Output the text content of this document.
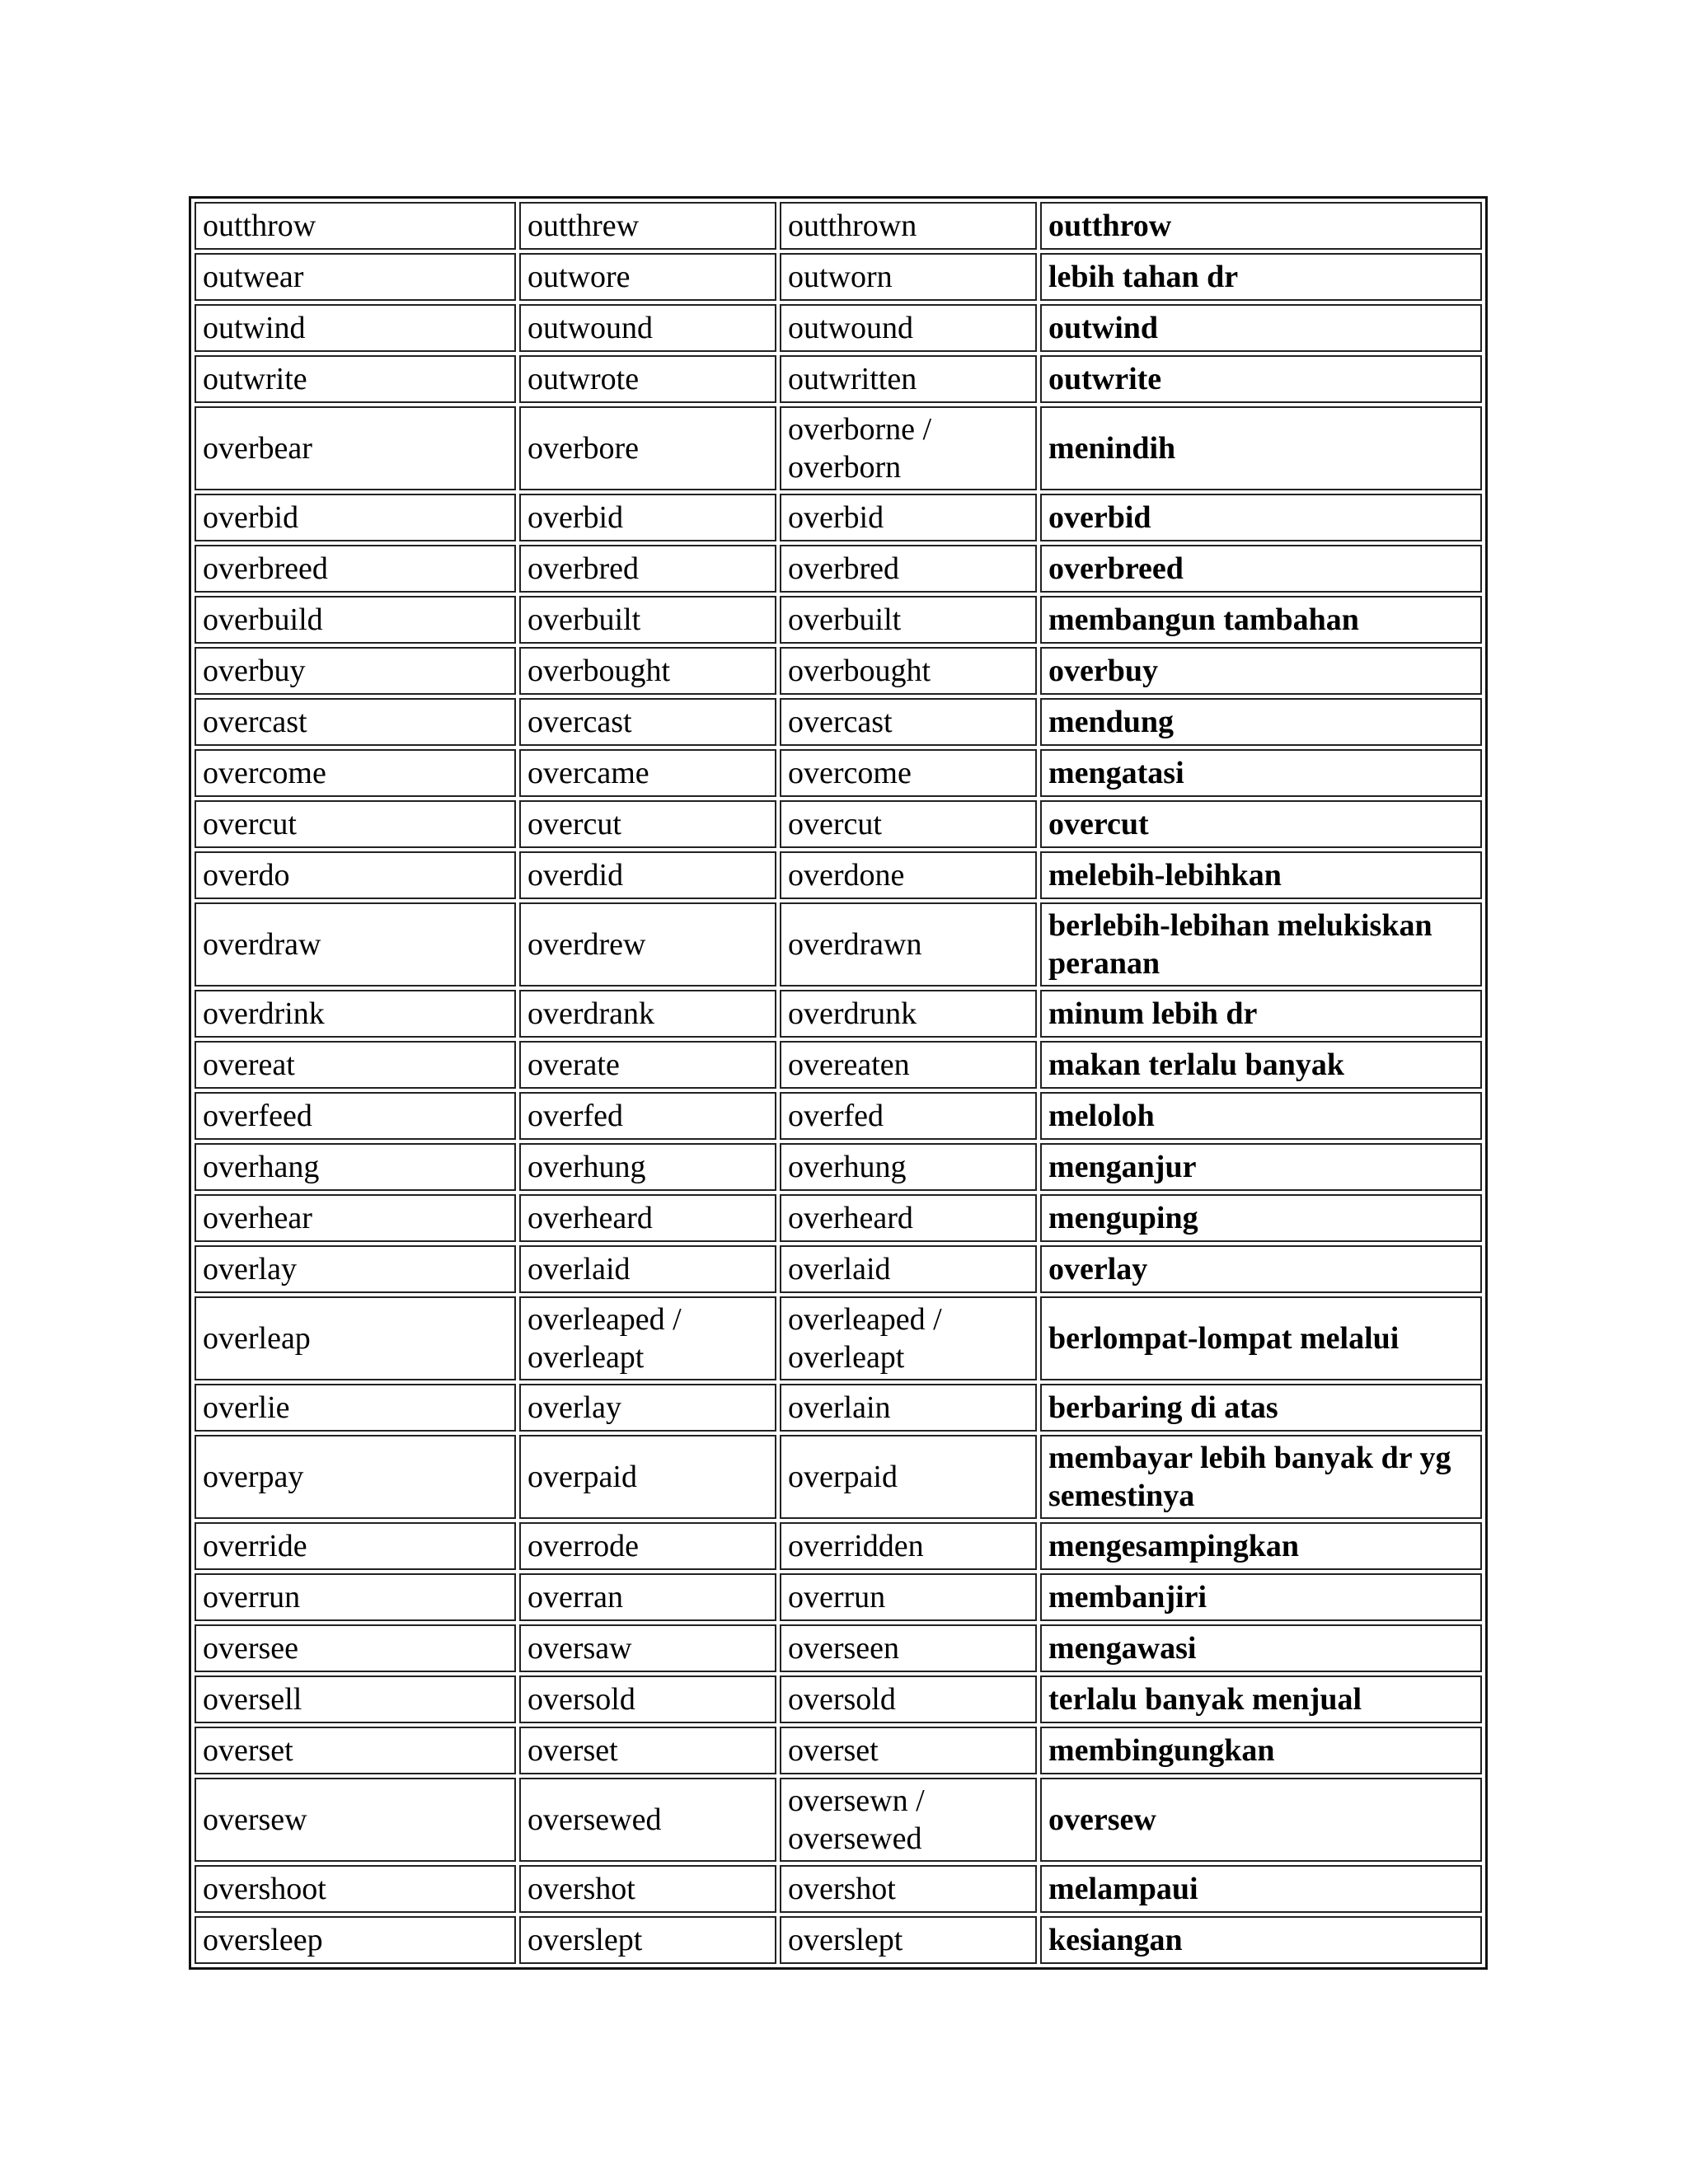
outthrow	outthrew	outthrown	outthrow
outwear	outwore	outworn	lebih tahan dr
outwind	outwound	outwound	outwind
outwrite	outwrote	outwritten	outwrite
overbear	overbore	overborne / overborn	menindih
overbid	overbid	overbid	overbid
overbreed	overbred	overbred	overbreed
overbuild	overbuilt	overbuilt	membangun tambahan
overbuy	overbought	overbought	overbuy
overcast	overcast	overcast	mendung
overcome	overcame	overcome	mengatasi
overcut	overcut	overcut	overcut
overdo	overdid	overdone	melebih-lebihkan
overdraw	overdrew	overdrawn	berlebih-lebihan melukiskan peranan
overdrink	overdrank	overdrunk	minum lebih dr
overeat	overate	overeaten	makan terlalu banyak
overfeed	overfed	overfed	meloloh
overhang	overhung	overhung	menganjur
overhear	overheard	overheard	menguping
overlay	overlaid	overlaid	overlay
overleap	overleaped / overleapt	overleaped / overleapt	berlompat-lompat melalui
overlie	overlay	overlain	berbaring di atas
overpay	overpaid	overpaid	membayar lebih banyak dr yg semestinya
override	overrode	overridden	mengesampingkan
overrun	overran	overrun	membanjiri
oversee	oversaw	overseen	mengawasi
oversell	oversold	oversold	terlalu banyak menjual
overset	overset	overset	membingungkan
oversew	oversewed	oversewn / oversewed	oversew
overshoot	overshot	overshot	melampaui
oversleep	overslept	overslept	kesiangan
